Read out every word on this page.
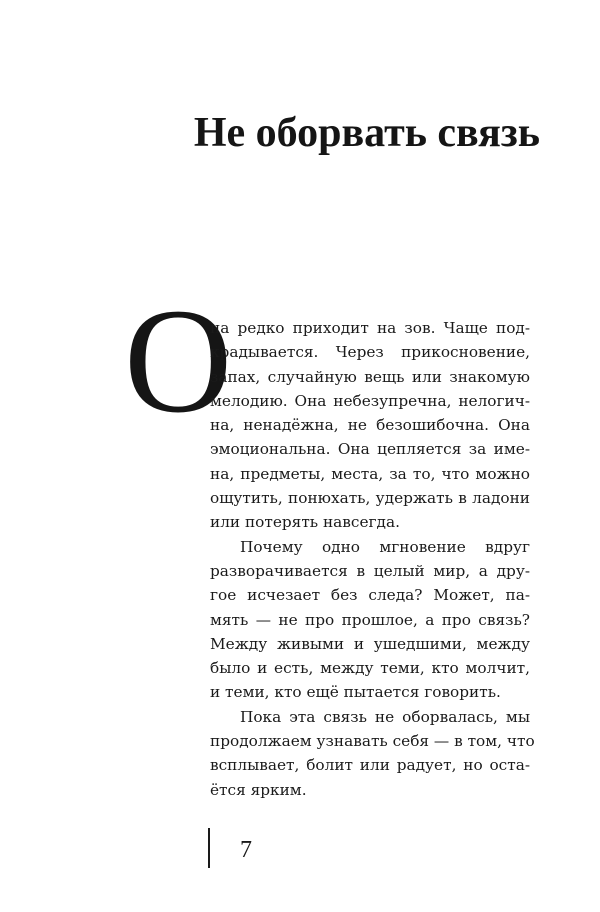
Не оборвать связь
О
на редко приходит на зов. Чаще под-
крадывается. Через прикосновение,
запах, случайную вещь или знакомую
мелодию. Она небезупречна, нелогич-
на, ненадёжна, не безошибочна. Она
эмоциональна. Она цепляется за име-
на, предметы, места, за то, что можно
ощутить, понюхать, удержать в ладони
или потерять навсегда.
Почему одно мгновение вдруг
разворачивается в целый мир, а дру-
гое исчезает без следа? Может, па-
мять — не про прошлое, а про связь?
Между живыми и ушедшими, между
было и есть, между теми, кто молчит,
и теми, кто ещё пытается говорить.
Пока эта связь не оборвалась, мы
продолжаем узнавать себя — в том, что
всплывает, болит или радует, но оста-
ётся ярким.
7
